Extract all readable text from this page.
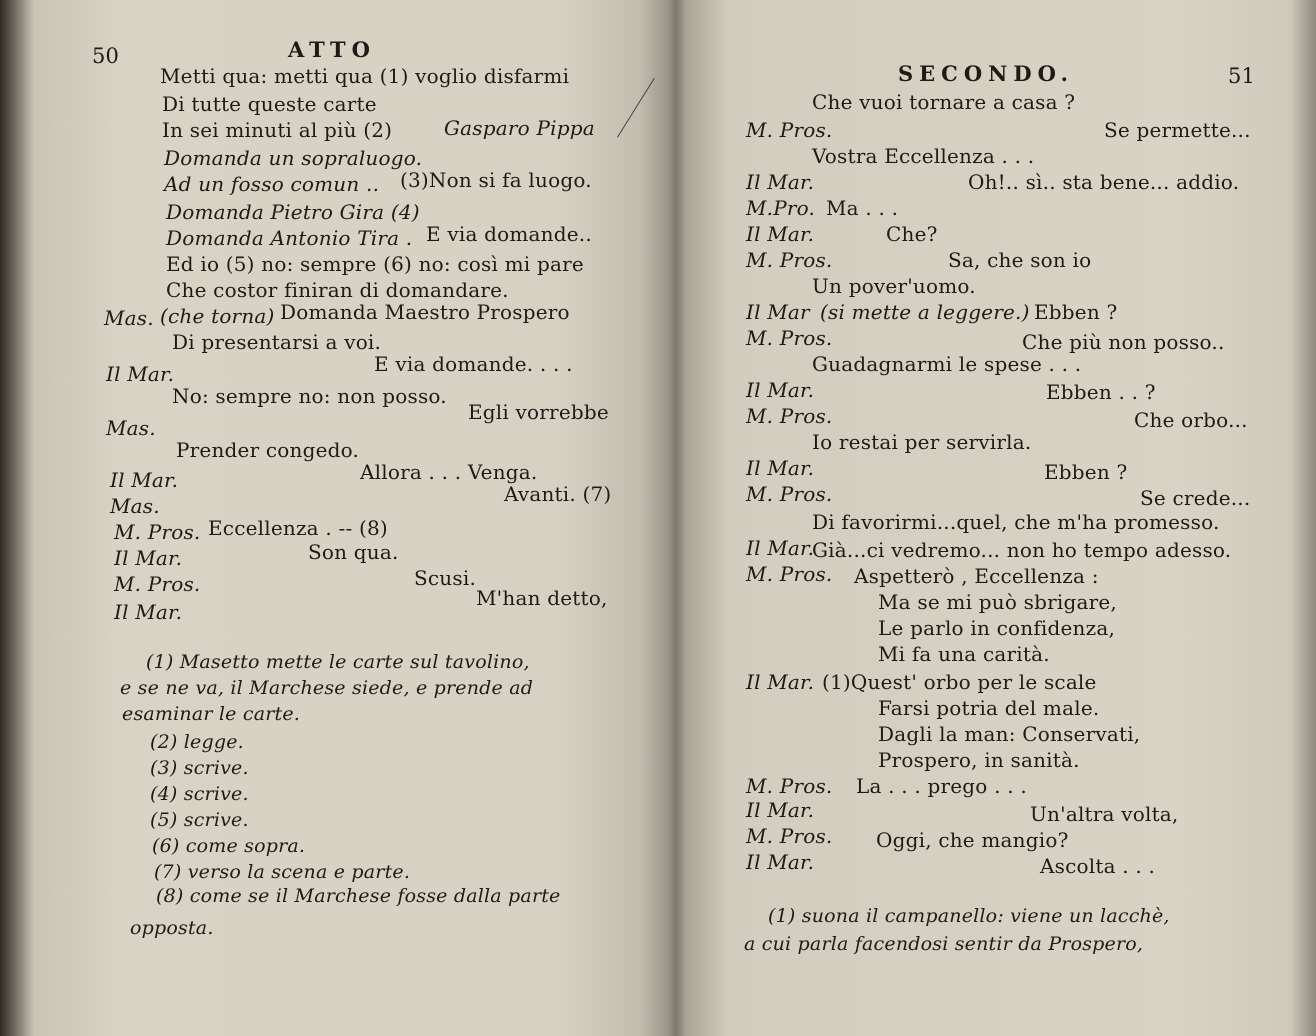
50	ATTO
Metti qua: metti qua (1) voglio disfarmi
Di tutte queste carte
In sei minuti al più (2)	Gasparo Pippa
Domanda un sopraluogo.
Ad un fosso comun .. (3)Non si fa luogo.
Domanda Pietro Gira (4)
Domanda Antonio Tira . E via domande..
Ed io (5) no: sempre (6) no: così mi pare
Che costor finiran di domandare.
Mas. (che torna) Domanda Maestro Prospero
Di presentarsi a voi.
Il Mar.	E via domande. . . .
No: sempre no: non posso.
Mas.
Egli vorrebbe
Prender congedo.
Il Mar.	Allora . . . Venga.
Mas.	Avanti. (7)
M. Pros. Eccellenza . -- (8)
Il Mar.	Son qua.
M. Pros.	Scusi.
Il Mar.
M'han detto,
(1) Masetto mette le carte sul tavolino,
e se ne va, il Marchese siede, e prende ad
esaminar le carte.
(2) legge.
(3) scrive.
(4) scrive.
(5) scrive.
(6) come sopra.
(7) verso la scena e parte.
(8) come se il Marchese fosse dalla parte
opposta.
SECONDO.	51
Che vuoi tornare a casa ?
M. Pros.	Se permette...
Vostra Eccellenza . . .
Il Mar.	Oh!.. sì.. sta bene... addio.
M.Pro. Ma . . .
Il Mar.	Che?
M. Pros.	Sa, che son io
Un pover'uomo.
Il Mar (si mette a leggere.) Ebben ?
M. Pros.	Che più non posso..
Guadagnarmi le spese . . .
Il Mar.	Ebben . . ?
M. Pros.	Che orbo...
Io restai per servirla.
Il Mar.	Ebben ?
M. Pros.	Se crede...
Di favorirmi...quel, che m'ha promesso.
Il Mar.
Già...ci vedremo... non ho tempo adesso.
M. Pros. Aspetterò , Eccellenza :
Ma se mi può sbrigare,
Le parlo in confidenza,
Mi fa una carità.
Il Mar. (1)Quest' orbo per le scale
Farsi potria del male.
Dagli la man: Conservati,
Prospero, in sanità.
M. Pros. La . . . prego . . .
Il Mar.	Un'altra volta,
M. Pros. Oggi, che mangio?
Il Mar.	Ascolta . . .
(1) suona il campanello: viene un lacchè,
a cui parla facendosi sentir da Prospero,
